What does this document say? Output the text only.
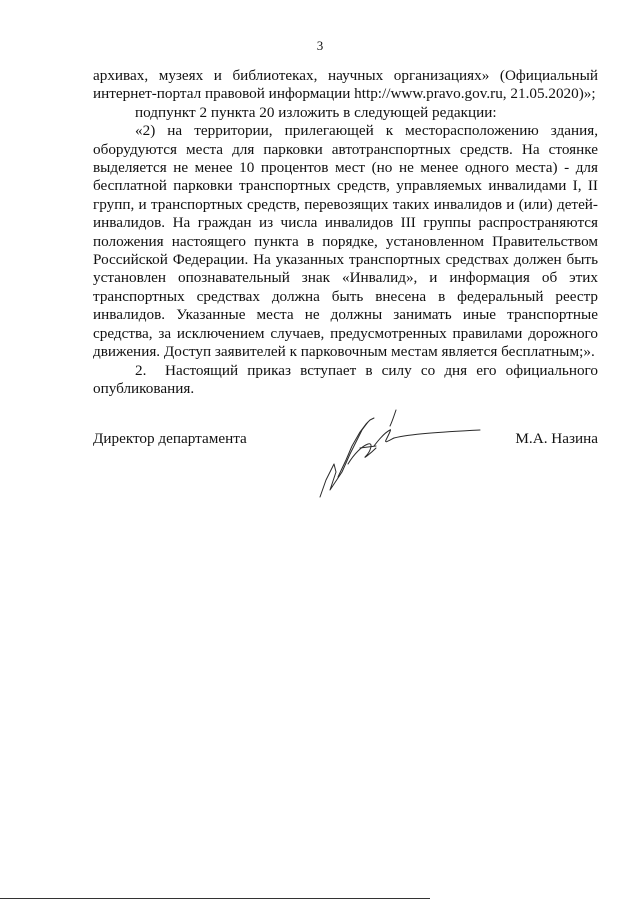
3

архивах, музеях и библиотеках, научных организациях» (Официальный интернет-портал правовой информации http://www.pravo.gov.ru, 21.05.2020)»;

подпункт 2 пункта 20 изложить в следующей редакции:

«2) на территории, прилегающей к месторасположению здания, оборудуются места для парковки автотранспортных средств. На стоянке выделяется не менее 10 процентов мест (но не менее одного места) - для бесплатной парковки транспортных средств, управляемых инвалидами I, II групп, и транспортных средств, перевозящих таких инвалидов и (или) детей-инвалидов. На граждан из числа инвалидов III группы распространяются положения настоящего пункта в порядке, установленном Правительством Российской Федерации. На указанных транспортных средствах должен быть установлен опознавательный знак «Инвалид», и информация об этих транспортных средствах должна быть внесена в федеральный реестр инвалидов. Указанные места не должны занимать иные транспортные средства, за исключением случаев, предусмотренных правилами дорожного движения. Доступ заявителей к парковочным местам является бесплатным;».

2. Настоящий приказ вступает в силу со дня его официального опубликования.

Директор департамента	М.А. Назина
